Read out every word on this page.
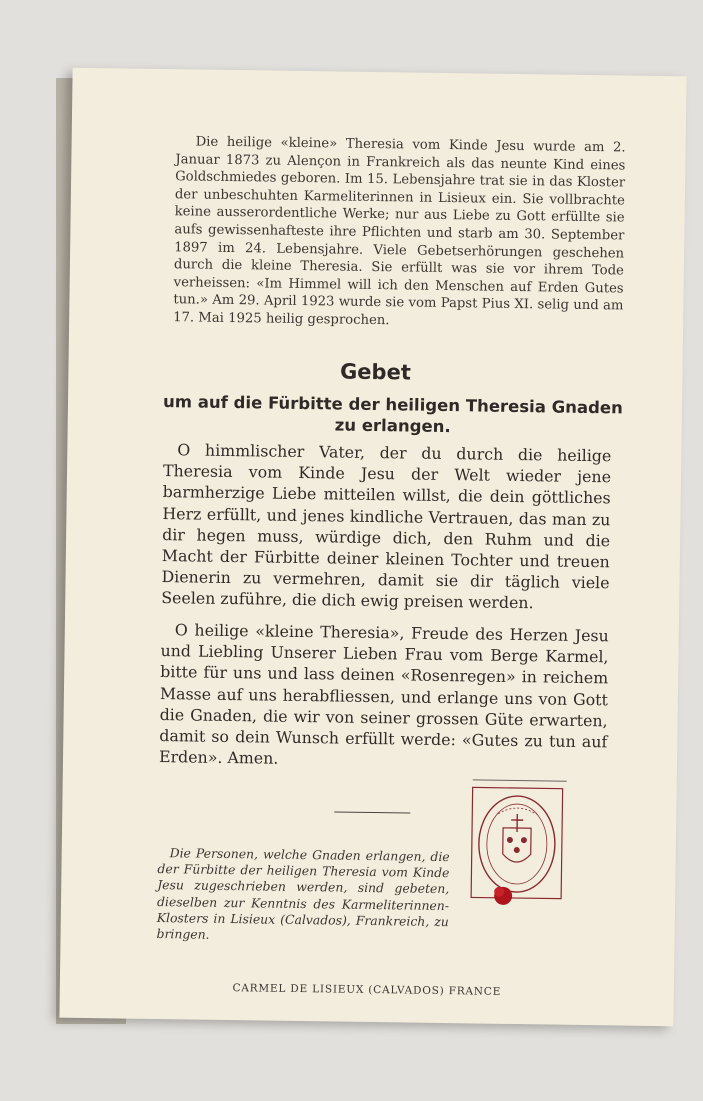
Die heilige «kleine» Theresia vom Kinde Jesu wurde am 2. Januar 1873 zu Alençon in Frankreich als das neunte Kind eines Goldschmiedes geboren. Im 15. Lebensjahre trat sie in das Kloster der unbeschuhten Karmeliterinnen in Lisieux ein. Sie vollbrachte keine ausserordentliche Werke; nur aus Liebe zu Gott erfüllte sie aufs gewissenhafteste ihre Pflichten und starb am 30. September 1897 im 24. Lebensjahre. Viele Gebetserhörungen geschehen durch die kleine Theresia. Sie erfüllt was sie vor ihrem Tode verheissen: «Im Himmel will ich den Menschen auf Erden Gutes tun.» Am 29. April 1923 wurde sie vom Papst Pius XI. selig und am 17. Mai 1925 heilig gesprochen.

Gebet
um auf die Fürbitte der heiligen Theresia Gnaden zu erlangen.

O himmlischer Vater, der du durch die heilige Theresia vom Kinde Jesu der Welt wieder jene barmherzige Liebe mitteilen willst, die dein göttliches Herz erfüllt, und jenes kindliche Vertrauen, das man zu dir hegen muss, würdige dich, den Ruhm und die Macht der Fürbitte deiner kleinen Tochter und treuen Dienerin zu vermehren, damit sie dir täglich viele Seelen zuführe, die dich ewig preisen werden.

O heilige «kleine Theresia», Freude des Herzen Jesu und Liebling Unserer Lieben Frau vom Berge Karmel, bitte für uns und lass deinen «Rosenregen» in reichem Masse auf uns herabfliessen, und erlange uns von Gott die Gnaden, die wir von seiner grossen Güte erwarten, damit so dein Wunsch erfüllt werde: «Gutes zu tun auf Erden». Amen.

Die Personen, welche Gnaden erlangen, die der Fürbitte der heiligen Theresia vom Kinde Jesu zugeschrieben werden, sind gebeten, dieselben zur Kenntnis des Karmeliterinnen-Klosters in Lisieux (Calvados), Frankreich, zu bringen.

CARMEL DE LISIEUX (CALVADOS) FRANCE
